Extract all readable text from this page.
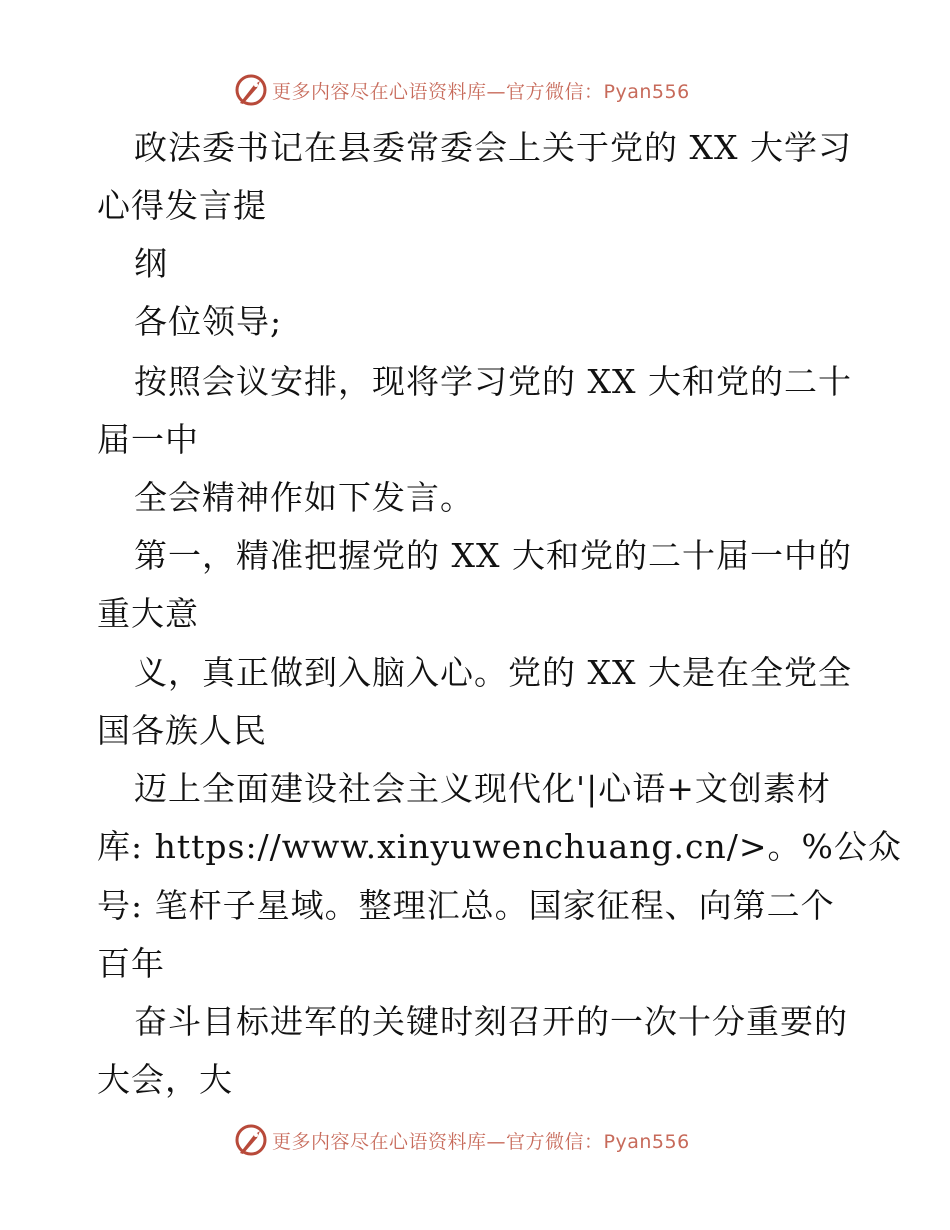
更多内容尽在心语资料库—官方微信：Pyan556
政法委书记在县委常委会上关于党的 XX 大学习
心得发言提
纲
各位领导;
按照会议安排，现将学习党的 XX 大和党的二十
届一中
全会精神作如下发言。
第一，精准把握党的 XX 大和党的二十届一中的
重大意
义，真正做到入脑入心。党的 XX 大是在全党全
国各族人民
迈上全面建设社会主义现代化'|心语+文创素材
库: https://www.xinyuwenchuang.cn/>。%公众
号: 笔杆子星域。整理汇总。国家征程、向第二个
百年
奋斗目标进军的关键时刻召开的一次十分重要的
大会，大
更多内容尽在心语资料库—官方微信：Pyan556
